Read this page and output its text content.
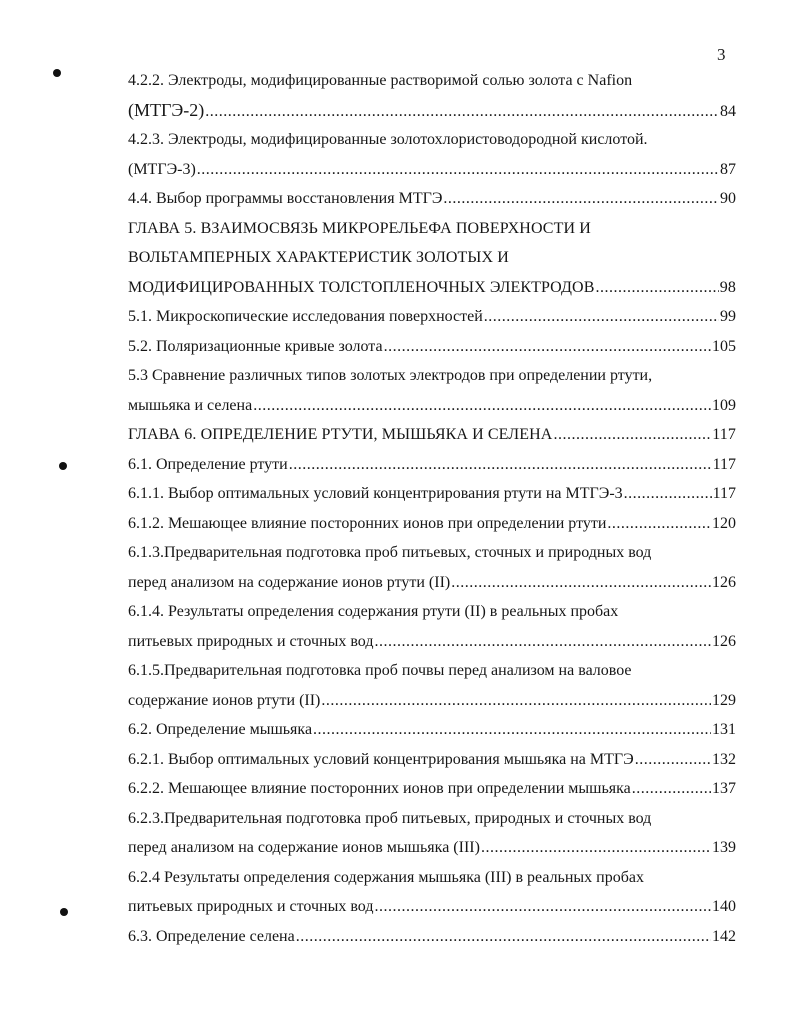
3
4.2.2. Электроды, модифицированные растворимой солью золота с Nafion
(МТГЭ-2) .....	84
4.2.3. Электроды, модифицированные золотохлористоводородной кислотой.
(МТГЭ-3) .....	87
4.4. Выбор программы восстановления МТГЭ .....	90
ГЛАВА 5. ВЗАИМОСВЯЗЬ МИКРОРЕЛЬЕФА ПОВЕРХНОСТИ И
ВОЛЬТАМПЕРНЫХ ХАРАКТЕРИСТИК ЗОЛОТЫХ И
МОДИФИЦИРОВАННЫХ ТОЛСТОПЛЕНОЧНЫХ ЭЛЕКТРОДОВ .....	98
5.1. Микроскопические исследования поверхностей .....	99
5.2. Поляризационные кривые золота .....	105
5.3 Сравнение различных типов золотых электродов при определении ртути,
мышьяка и селена .....	109
ГЛАВА 6. ОПРЕДЕЛЕНИЕ РТУТИ, МЫШЬЯКА И СЕЛЕНА .....	117
6.1. Определение ртути .....	117
6.1.1. Выбор оптимальных условий концентрирования ртути на МТГЭ-3 .....	117
6.1.2. Мешающее влияние посторонних ионов при определении ртути .....	120
6.1.3.Предварительная подготовка проб питьевых, сточных и природных вод
перед анализом на содержание ионов ртути (II) .....	126
6.1.4. Результаты определения содержания ртути (II) в реальных пробах
питьевых природных и сточных вод .....	126
6.1.5.Предварительная подготовка проб почвы перед анализом на валовое
содержание ионов ртути (II) .....	129
6.2. Определение мышьяка .....	131
6.2.1. Выбор оптимальных условий концентрирования мышьяка на МТГЭ .....	132
6.2.2. Мешающее влияние посторонних ионов при определении мышьяка .....	137
6.2.3.Предварительная подготовка проб питьевых, природных и сточных вод
перед анализом на содержание ионов мышьяка (III) .....	139
6.2.4 Результаты определения содержания мышьяка (III) в реальных пробах
питьевых природных и сточных вод .....	140
6.3. Определение селена .....	142
